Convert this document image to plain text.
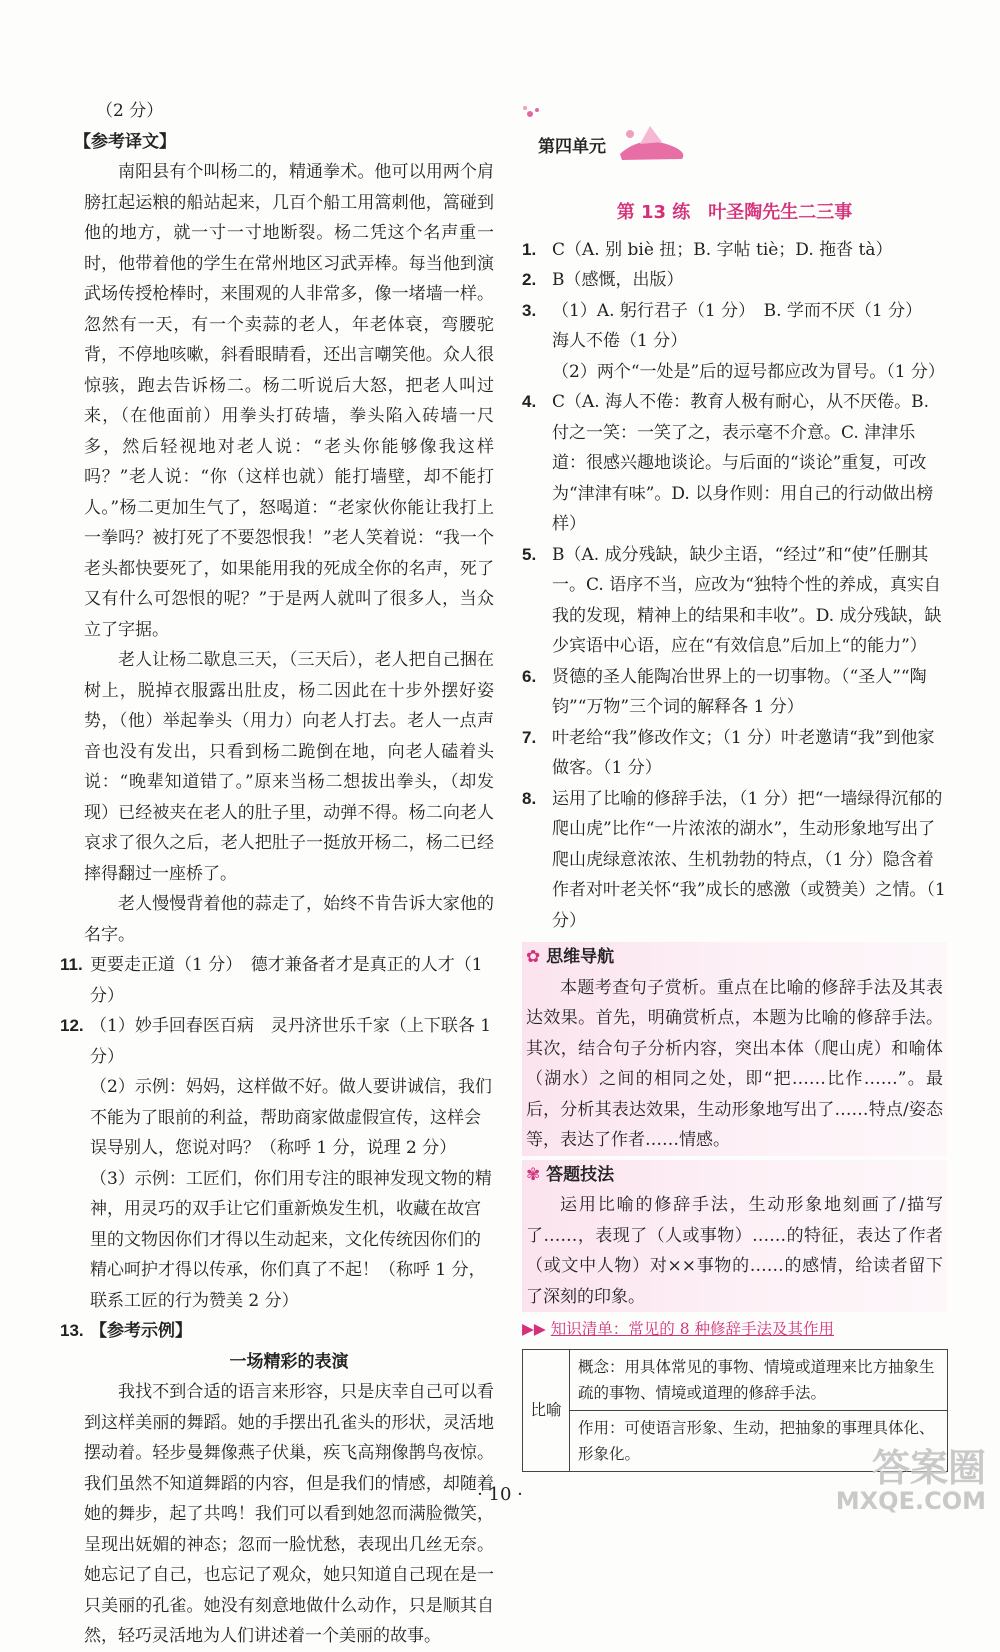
（2 分）
【参考译文】

南阳县有个叫杨二的，精通拳术。他可以用两个肩膀扛起运粮的船站起来，几百个船工用篙刺他，篙碰到他的地方，就一寸一寸地断裂。杨二凭这个名声重一时，他带着他的学生在常州地区习武弄棒。每当他到演武场传授枪棒时，来围观的人非常多，像一堵墙一样。忽然有一天，有一个卖蒜的老人，年老体衰，弯腰驼背，不停地咳嗽，斜看眼睛看，还出言嘲笑他。众人很惊骇，跑去告诉杨二。杨二听说后大怒，把老人叫过来，（在他面前）用拳头打砖墙，拳头陷入砖墙一尺多，然后轻视地对老人说：“老头你能够像我这样吗？”老人说：“你（这样也就）能打墙壁，却不能打人。”杨二更加生气了，怒喝道：“老家伙你能让我打上一拳吗？被打死了不要怨恨我！”老人笑着说：“我一个老头都快要死了，如果能用我的死成全你的名声，死了又有什么可怨恨的呢？”于是两人就叫了很多人，当众立了字据。

老人让杨二歇息三天，（三天后），老人把自己捆在树上，脱掉衣服露出肚皮，杨二因此在十步外摆好姿势，（他）举起拳头（用力）向老人打去。老人一点声音也没有发出，只看到杨二跪倒在地，向老人磕着头说：“晚辈知道错了。”原来当杨二想拔出拳头，（却发现）已经被夹在老人的肚子里，动弹不得。杨二向老人哀求了很久之后，老人把肚子一挺放开杨二，杨二已经摔得翻过一座桥了。

老人慢慢背着他的蒜走了，始终不肯告诉大家他的名字。

11. 更要走正道（1 分）　德才兼备者才是真正的人才（1 分）
12. （1）妙手回春医百病　灵丹济世乐千家（上下联各 1 分）
（2）示例：妈妈，这样做不好。做人要讲诚信，我们不能为了眼前的利益，帮助商家做虚假宣传，这样会误导别人，您说对吗？（称呼 1 分，说理 2 分）
（3）示例：工匠们，你们用专注的眼神发现文物的精神，用灵巧的双手让它们重新焕发生机，收藏在故宫里的文物因你们才得以生动起来，文化传统因你们的精心呵护才得以传承，你们真了不起！（称呼 1 分，联系工匠的行为赞美 2 分）
13. 【参考示例】
一场精彩的表演

我找不到合适的语言来形容，只是庆幸自己可以看到这样美丽的舞蹈。她的手摆出孔雀头的形状，灵活地摆动着。轻步曼舞像燕子伏巢，疾飞高翔像鹊鸟夜惊。我们虽然不知道舞蹈的内容，但是我们的情感，却随着她的舞步，起了共鸣！我们可以看到她忽而满脸微笑，呈现出妩媚的神态；忽而一脸忧愁，表现出几丝无奈。她忘记了自己，也忘记了观众，她只知道自己现在是一只美丽的孔雀。她没有刻意地做什么动作，只是顺其自然，轻巧灵活地为人们讲述着一个美丽的故事。

第四单元
第 13 练　叶圣陶先生二三事
1. C（A. 别 biè 扭；B. 字帖 tiè；D. 拖沓 tà）
2. B（感慨，出版）
3. （1）A. 躬行君子（1 分）　B. 学而不厌（1 分）　海人不倦（1 分）
（2）两个“一处是”后的逗号都应改为冒号。（1 分）
4. C（A. 海人不倦：教育人极有耐心，从不厌倦。B. 付之一笑：一笑了之，表示毫不介意。C. 津津乐道：很感兴趣地谈论。与后面的“谈论”重复，可改为“津津有味”。D. 以身作则：用自己的行动做出榜样）
5. B（A. 成分残缺，缺少主语，“经过”和“使”任删其一。C. 语序不当，应改为“独特个性的养成，真实自我的发现，精神上的结果和丰收”。D. 成分残缺，缺少宾语中心语，应在“有效信息”后加上“的能力”）
6. 贤德的圣人能陶冶世界上的一切事物。（“圣人”“陶钧”“万物”三个词的解释各 1 分）
7. 叶老给“我”修改作文；（1 分）叶老邀请“我”到他家做客。（1 分）
8. 运用了比喻的修辞手法，（1 分）把“一墙绿得沉郁的爬山虎”比作“一片浓浓的湖水”，生动形象地写出了爬山虎绿意浓浓、生机勃勃的特点，（1 分）隐含着作者对叶老关怀“我”成长的感激（或赞美）之情。（1 分）
✿ 思维导航

本题考查句子赏析。重点在比喻的修辞手法及其表达效果。首先，明确赏析点，本题为比喻的修辞手法。其次，结合句子分析内容，突出本体（爬山虎）和喻体（湖水）之间的相同之处，即“把……比作……”。最后，分析其表达效果，生动形象地写出了……特点/姿态等，表达了作者……情感。

✾ 答题技法

运用比喻的修辞手法，生动形象地刻画了/描写了……，表现了（人或事物）……的特征，表达了作者（或文中人物）对××事物的……的感情，给读者留下了深刻的印象。

▶▶ 知识清单：常见的 8 种修辞手法及其作用
比喻	概念：用具体常见的事物、情境或道理来比方抽象生疏的事物、情境或道理的修辞手法。
作用：可使语言形象、生动，把抽象的事理具体化、形象化。
· 10 ·
答案圈
MXQE.COM
